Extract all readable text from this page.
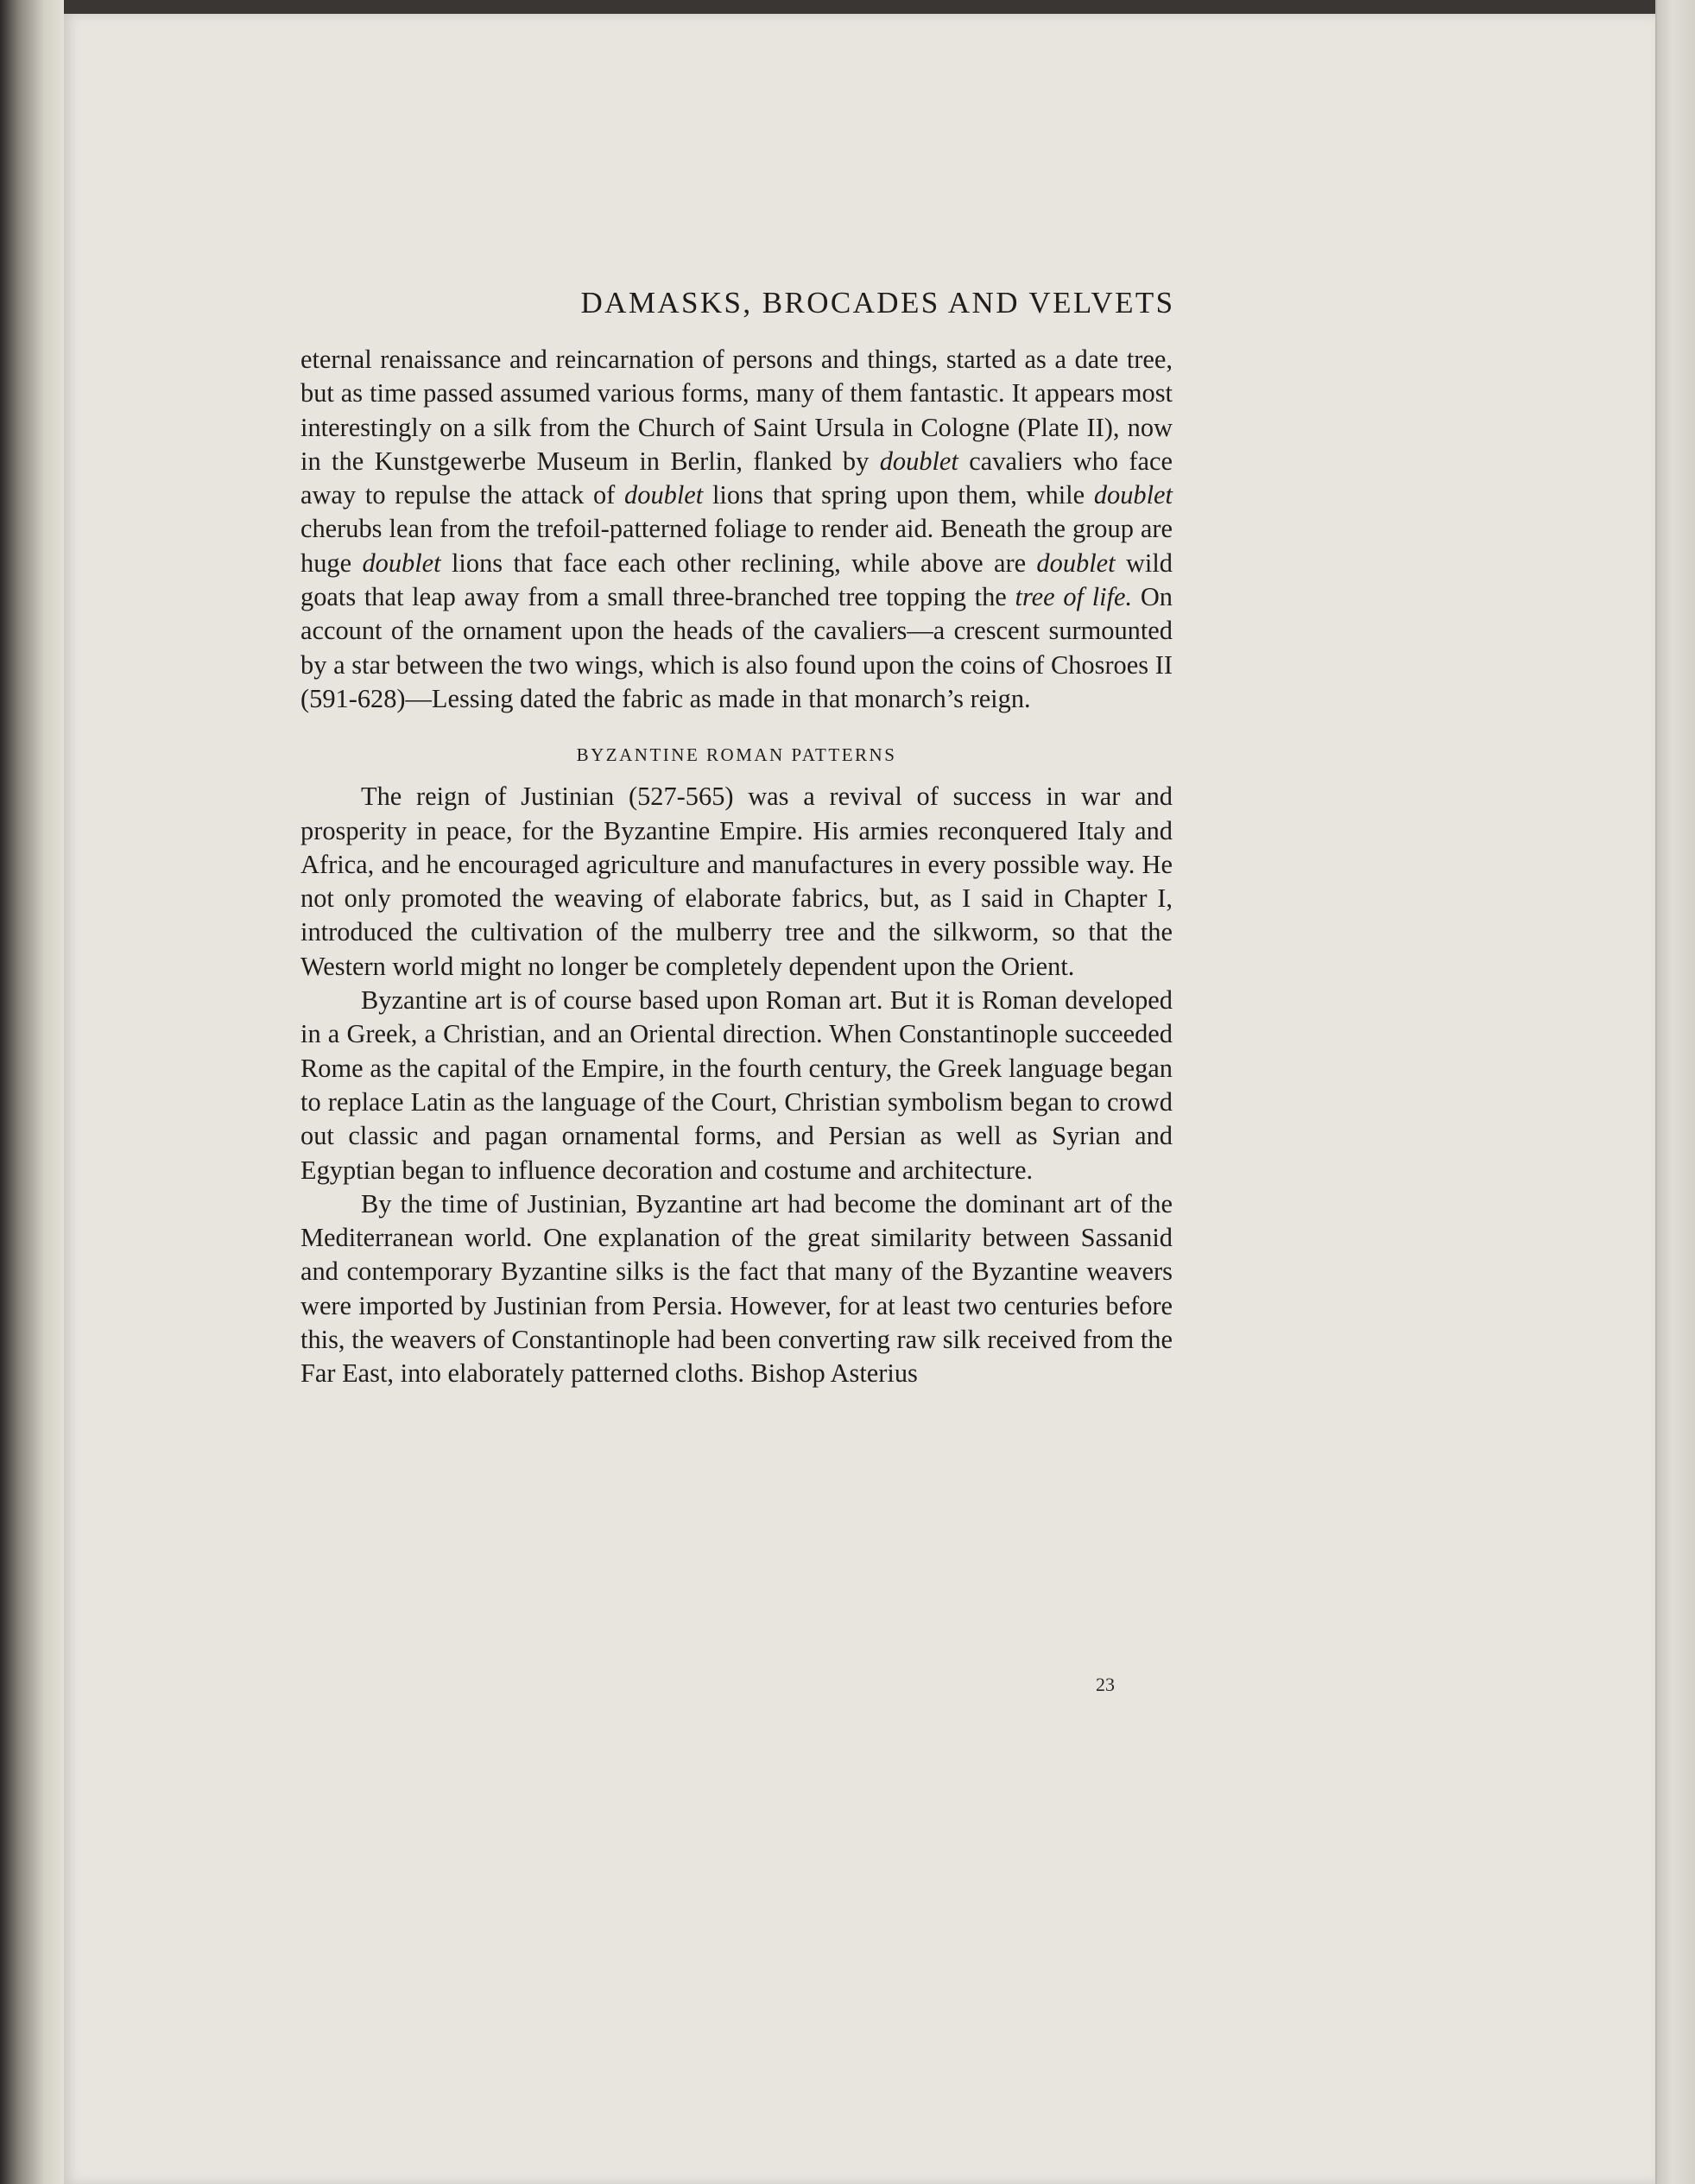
DAMASKS, BROCADES AND VELVETS

eternal renaissance and reincarnation of persons and things, started as a date tree, but as time passed assumed various forms, many of them fantastic. It appears most interestingly on a silk from the Church of Saint Ursula in Cologne (Plate II), now in the Kunstgewerbe Museum in Berlin, flanked by doublet cavaliers who face away to repulse the attack of doublet lions that spring upon them, while doublet cherubs lean from the trefoil-patterned foliage to render aid. Beneath the group are huge doublet lions that face each other reclining, while above are doublet wild goats that leap away from a small three-branched tree topping the tree of life. On account of the ornament upon the heads of the cavaliers—a crescent surmounted by a star between the two wings, which is also found upon the coins of Chosroes II (591-628)—Lessing dated the fabric as made in that monarch’s reign.

BYZANTINE ROMAN PATTERNS

The reign of Justinian (527-565) was a revival of success in war and prosperity in peace, for the Byzantine Empire. His armies reconquered Italy and Africa, and he encouraged agriculture and manufactures in every possible way. He not only promoted the weaving of elaborate fabrics, but, as I said in Chapter I, introduced the cultivation of the mulberry tree and the silkworm, so that the Western world might no longer be completely dependent upon the Orient.

Byzantine art is of course based upon Roman art. But it is Roman developed in a Greek, a Christian, and an Oriental direction. When Constantinople succeeded Rome as the capital of the Empire, in the fourth century, the Greek language began to replace Latin as the language of the Court, Christian symbolism began to crowd out classic and pagan ornamental forms, and Persian as well as Syrian and Egyptian began to influence decoration and costume and architecture.

By the time of Justinian, Byzantine art had become the dominant art of the Mediterranean world. One explanation of the great similarity between Sassanid and contemporary Byzantine silks is the fact that many of the Byzantine weavers were imported by Justinian from Persia. However, for at least two centuries before this, the weavers of Constantinople had been converting raw silk received from the Far East, into elaborately patterned cloths. Bishop Asterius

23
